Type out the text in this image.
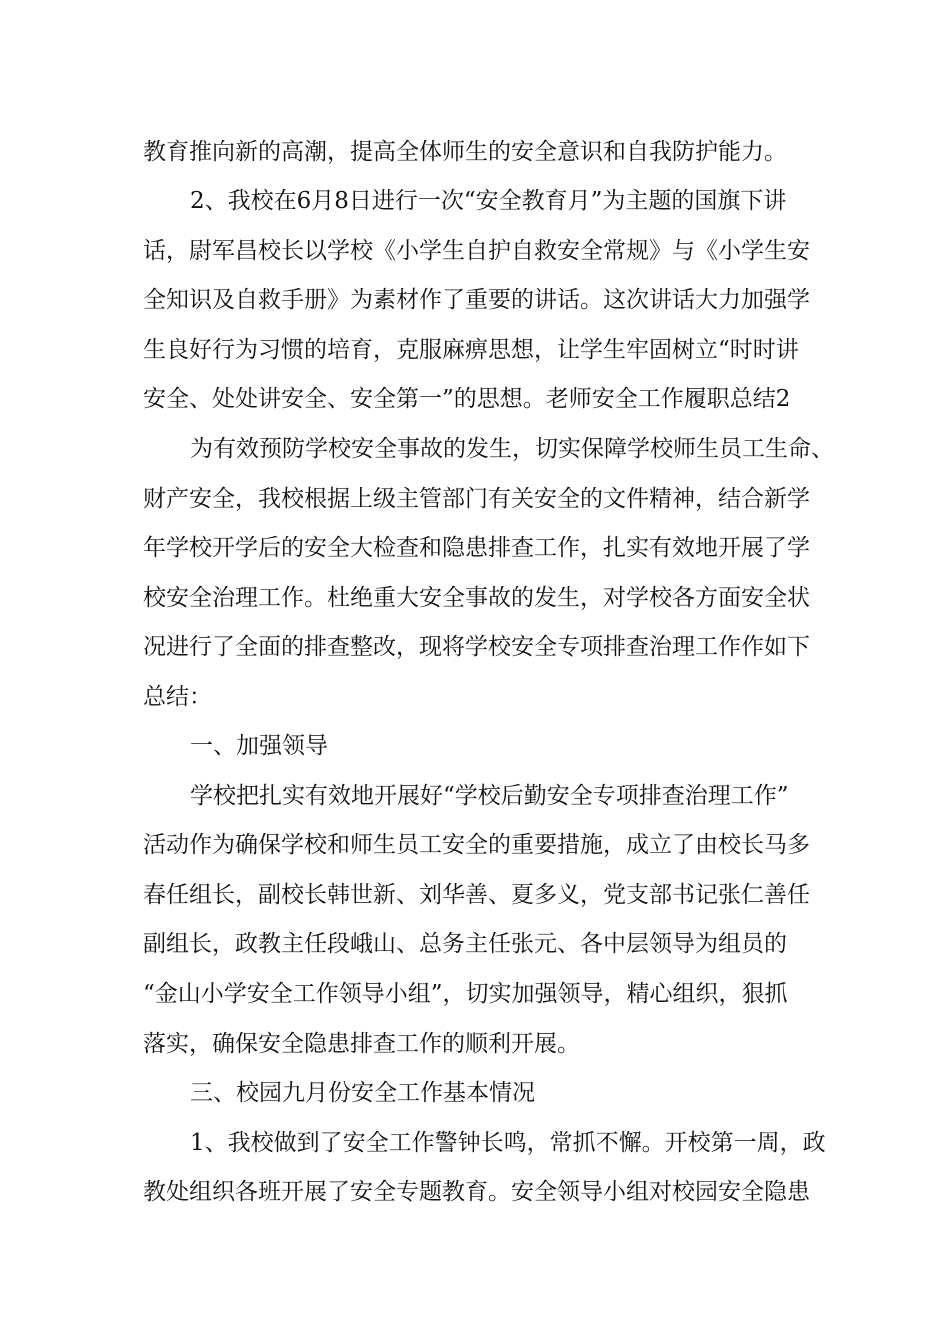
教育推向新的高潮，提高全体师生的安全意识和自我防护能力。
2、我校在6月8日进行一次“安全教育月”为主题的国旗下讲
话，尉军昌校长以学校《小学生自护自救安全常规》与《小学生安
全知识及自救手册》为素材作了重要的讲话。这次讲话大力加强学
生良好行为习惯的培育，克服麻痹思想，让学生牢固树立“时时讲
安全、处处讲安全、安全第一”的思想。老师安全工作履职总结2
为有效预防学校安全事故的发生，切实保障学校师生员工生命、
财产安全，我校根据上级主管部门有关安全的文件精神，结合新学
年学校开学后的安全大检查和隐患排查工作，扎实有效地开展了学
校安全治理工作。杜绝重大安全事故的发生，对学校各方面安全状
况进行了全面的排查整改，现将学校安全专项排查治理工作作如下
总结：
一、加强领导
学校把扎实有效地开展好“学校后勤安全专项排查治理工作”
活动作为确保学校和师生员工安全的重要措施，成立了由校长马多
春任组长，副校长韩世新、刘华善、夏多义，党支部书记张仁善任
副组长，政教主任段峨山、总务主任张元、各中层领导为组员的
“金山小学安全工作领导小组”，切实加强领导，精心组织，狠抓
落实，确保安全隐患排查工作的顺利开展。
三、校园九月份安全工作基本情况
1、我校做到了安全工作警钟长鸣，常抓不懈。开校第一周，政
教处组织各班开展了安全专题教育。安全领导小组对校园安全隐患
